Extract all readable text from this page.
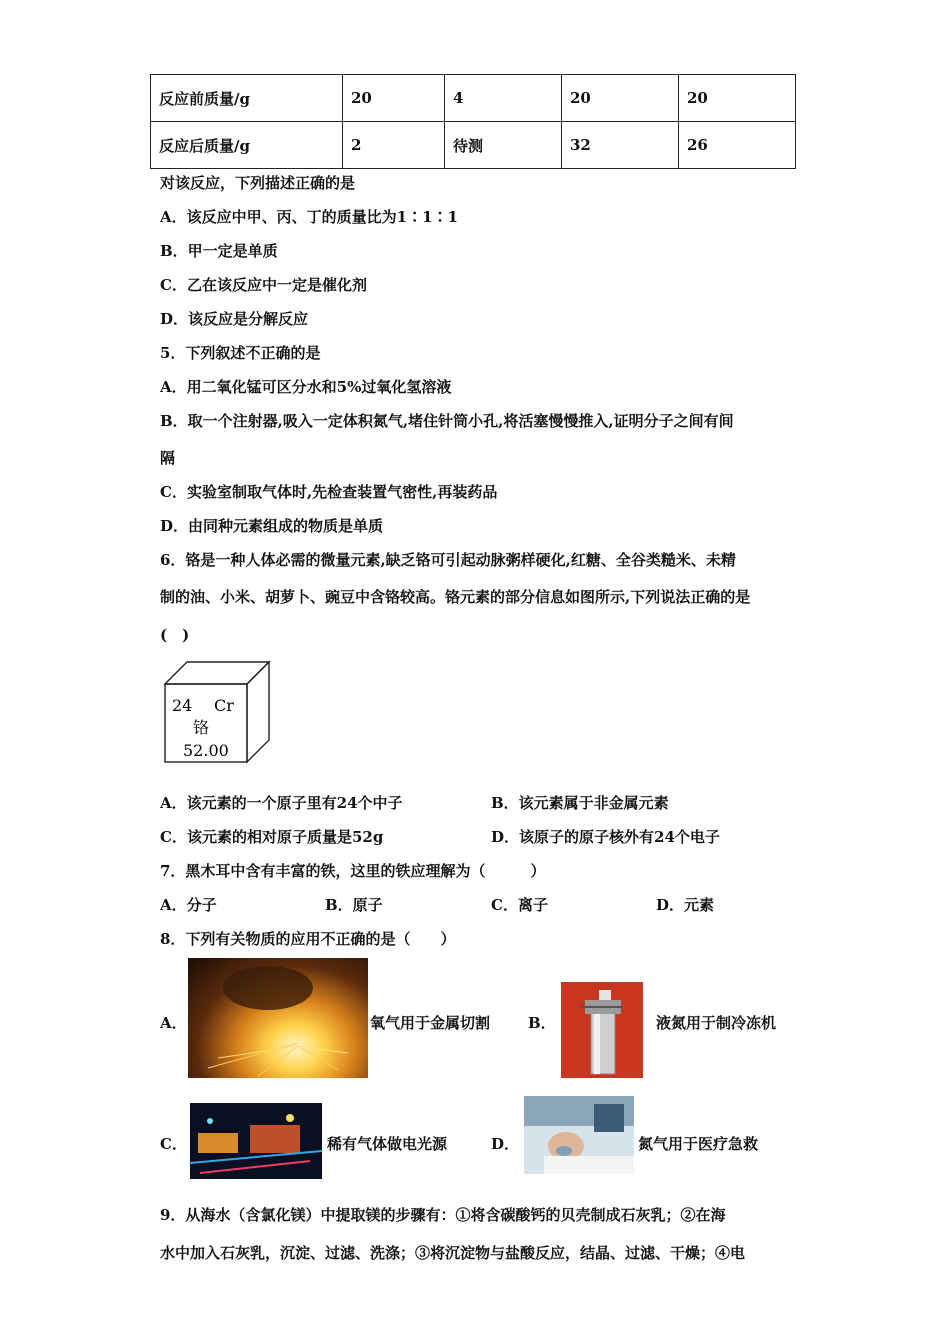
反应前质量/g	20	4	20	20
反应后质量/g	2	待测	32	26
对该反应，下列描述正确的是
A．该反应中甲、丙、丁的质量比为1∶1∶1
B．甲一定是单质
C．乙在该反应中一定是催化剂
D．该反应是分解反应
5．下列叙述不正确的是
A．用二氧化锰可区分水和5%过氧化氢溶液
B．取一个注射器,吸入一定体积氮气,堵住针筒小孔,将活塞慢慢推入,证明分子之间有间
隔
C．实验室制取气体时,先检查装置气密性,再装药品
D．由同种元素组成的物质是单质
6．铬是一种人体必需的微量元素,缺乏铬可引起动脉粥样硬化,红糖、全谷类糙米、未精
制的油、小米、胡萝卜、豌豆中含铬较高。铬元素的部分信息如图所示,下列说法正确的是
(　)
24 Cr
铬
52.00
A．该元素的一个原子里有24个中子	B．该元素属于非金属元素
C．该元素的相对原子质量是52g	D．该原子的原子核外有24个电子
7．黑木耳中含有丰富的铁，这里的铁应理解为（　　　）
A．分子	B．原子	C．离子	D．元素
8．下列有关物质的应用不正确的是（　　）
A．	氧气用于金属切割	B．	液氮用于制冷冻机
C．	稀有气体做电光源	D．	氮气用于医疗急救
9．从海水（含氯化镁）中提取镁的步骤有：①将含碳酸钙的贝壳制成石灰乳；②在海
水中加入石灰乳，沉淀、过滤、洗涤；③将沉淀物与盐酸反应，结晶、过滤、干燥；④电
